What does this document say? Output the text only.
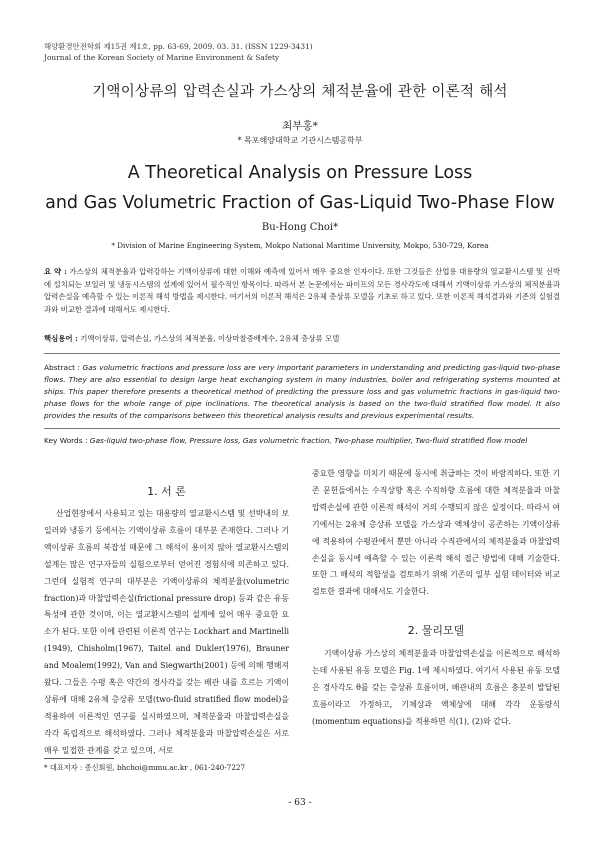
해양환경안전학회 제15권 제1호, pp. 63-69, 2009. 03. 31. (ISSN 1229-3431)
Journal of the Korean Society of Marine Environment & Safety
기액이상류의 압력손실과 가스상의 체적분율에 관한 이론적 해석
최부홍*
* 목포해양대학교 기관시스템공학부
A Theoretical Analysis on Pressure Loss
and Gas Volumetric Fraction of Gas-Liquid Two-Phase Flow
Bu-Hong Choi*
* Division of Marine Engineering System, Mokpo National Maritime University, Mokpo, 530-729, Korea
요 약 : 가스상의 체적분율과 압력강하는 기액이상류에 대한 이해와 예측에 있어서 매우 중요한 인자이다. 또한 그것들은 산업용 대용량의 열교환시스템 및 선박에 설치되는 보일러 및 냉동시스템의 설계에 있어서 필수적인 항목이다. 따라서 본 논문에서는 파이프의 모든 경사각도에 대해서 기액이상류 가스상의 체적분율과 압력손실을 예측할 수 있는 이론적 해석 방법을 제시한다. 여기서의 이론적 해석은 2유체 층상류 모델을 기초로 하고 있다. 또한 이론적 해석결과와 기존의 실험결과와 비교한 결과에 대해서도 제시한다.
핵심용어 : 기액이상류, 압력손실, 가스상의 체적분율, 이상마찰증배계수, 2유체 층상류 모델
Abstract : Gas volumetric fractions and pressure loss are very important parameters in understanding and predicting gas-liquid two-phase flows. They are also essential to design large heat exchanging system in many industries, boiler and refrigerating systems mounted at ships. This paper therefore presents a theoretical method of predicting the pressure loss and gas volumetric fractions in gas-liquid two-phase flows for the whole range of pipe inclinations. The theoretical analysis is based on the two-fluid stratified flow model. It also provides the results of the comparisons between this theoretical analysis results and previous experimental results.
Key Words : Gas-liquid two-phase flow, Pressure loss, Gas volumetric fraction, Two-phase multiplier, Two-fluid stratified flow model
1. 서 론

산업현장에서 사용되고 있는 대용량의 열교환시스템 및 선박내의 보일러와 냉동기 등에서는 기액이상류 흐름이 대부분 존재한다. 그러나 기액이상류 흐름의 복잡성 때문에 그 해석이 용이치 않아 열교환시스템의 설계는 많은 연구자들의 실험으로부터 얻어진 경험식에 의존하고 있다. 그런데 실험적 연구의 대부분은 기액이상류의 체적분율(volumetric fraction)과 마찰압력손실(frictional pressure drop) 등과 같은 유동특성에 관한 것이며, 이는 열교환시스템의 설계에 있어 매우 중요한 요소가 된다. 또한 이에 관련된 이론적 연구는 Lockhart and Martinelli (1949), Chisholm(1967), Taitel and Dukler(1976), Brauner and Moalem(1992), Van and Siegwarth(2001) 등에 의해 행해져 왔다. 그들은 수평 혹은 약간의 경사각을 갖는 배관 내를 흐르는 기액이상류에 대해 2유체 층상류 모델(two-fluid stratified flow model)을 적용하여 이론적인 연구를 실시하였으며, 체적분율과 마찰압력손실을 각각 독립적으로 해석하였다. 그러나 체적분율과 마찰압력손실은 서로 매우 밀접한 관계를 갖고 있으며, 서로

중요한 영향을 미치기 때문에 동시에 취급하는 것이 바람직하다. 또한 기존 문헌들에서는 수직상향 혹은 수직하향 흐름에 대한 체적분율과 마찰압력손실에 관한 이론적 해석이 거의 수행되지 않은 실정이다. 따라서 여기에서는 2유체 층상류 모델을 가스상과 액체상이 공존하는 기액이상류에 적용하여 수평관에서 뿐만 아니라 수직관에서의 체적분율과 마찰압력손실을 동시에 예측할 수 있는 이론적 해석 접근 방법에 대해 기술한다. 또한 그 해석의 적합성을 검토하기 위해 기존의 일부 실험 데이터와 비교 검토한 결과에 대해서도 기술한다.

2. 물리모델

기액이상류 가스상의 체적분율과 마찰압력손실을 이론적으로 해석하는데 사용된 유동 모델은 Fig. 1에 제시하였다. 여기서 사용된 유동 모델은 경사각도 θ를 갖는 층상류 흐름이며, 배관내의 흐름은 충분히 발달된 흐름이라고 가정하고, 기체상과 액체상에 대해 각각 운동량식(momentum equations)을 적용하면 식(1), (2)와 같다.

* 대표저자 : 종신회원, bhchoi@mmu.ac.kr , 061-240-7227
- 63 -
